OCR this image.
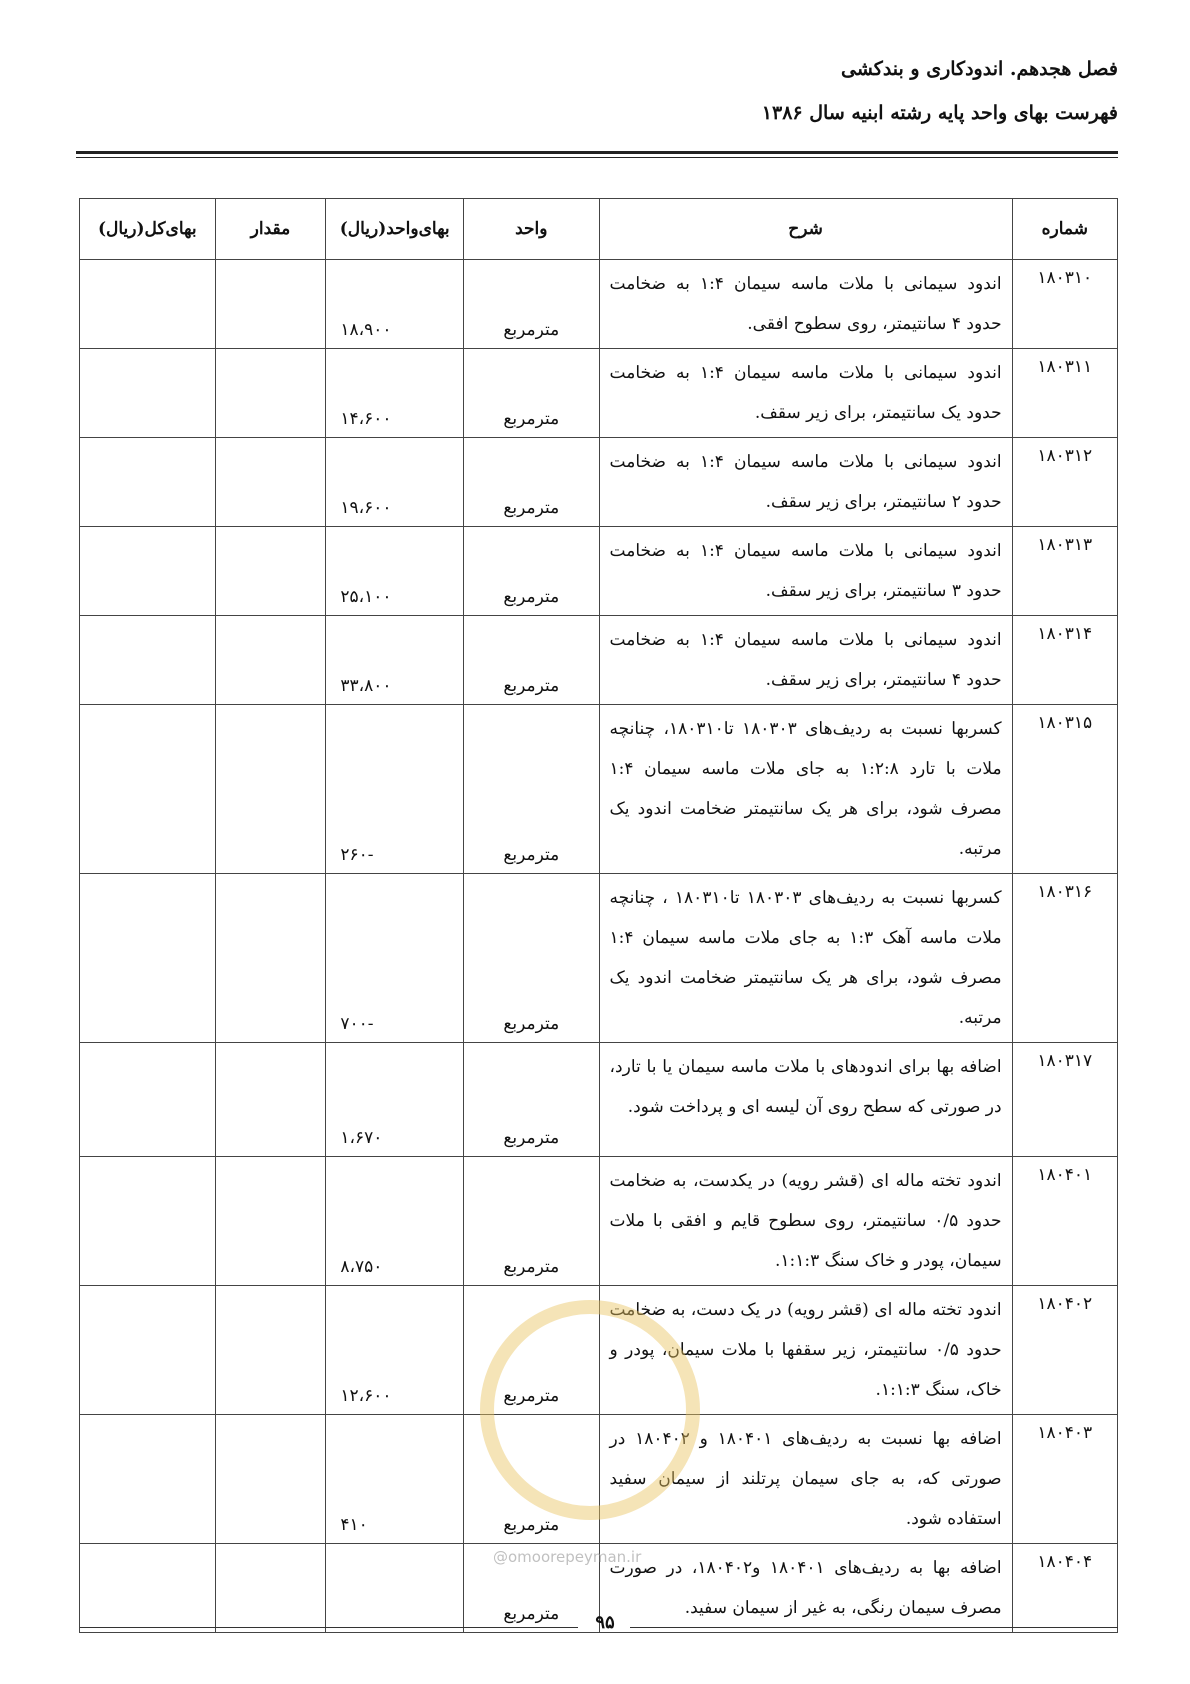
فصل هجدهم. اندودکاری و بندکشی
فهرست بهای واحد پایه رشته ابنیه سال ۱۳۸۶
شماره	شرح	واحد	بهای‌واحد(ریال)	مقدار	بهای‌کل(ریال)
۱۸۰۳۱۰	اندود سیمانی با ملات ماسه سیمان ۱:۴ به ضخامت حدود ۴ سانتیمتر، روی سطوح افقی.	مترمربع	۱۸،۹۰۰		
۱۸۰۳۱۱	اندود سیمانی با ملات ماسه سیمان ۱:۴ به ضخامت حدود یک سانتیمتر، برای زیر سقف.	مترمربع	۱۴،۶۰۰		
۱۸۰۳۱۲	اندود سیمانی با ملات ماسه سیمان ۱:۴ به ضخامت حدود ۲ سانتیمتر، برای زیر سقف.	مترمربع	۱۹،۶۰۰		
۱۸۰۳۱۳	اندود سیمانی با ملات ماسه سیمان ۱:۴ به ضخامت حدود ۳ سانتیمتر، برای زیر سقف.	مترمربع	۲۵،۱۰۰		
۱۸۰۳۱۴	اندود سیمانی با ملات ماسه سیمان ۱:۴ به ضخامت حدود ۴ سانتیمتر، برای زیر سقف.	مترمربع	۳۳،۸۰۰		
۱۸۰۳۱۵	کسربها نسبت به ردیف‌های ۱۸۰۳۰۳ تا۱۸۰۳۱۰، چنانچه ملات با تارد ۱:۲:۸ به جای ملات ماسه سیمان ۱:۴ مصرف شود، برای هر یک سانتیمتر ضخامت اندود یک مرتبه.	مترمربع	-۲۶۰		
۱۸۰۳۱۶	کسربها نسبت به ردیف‌های ۱۸۰۳۰۳ تا۱۸۰۳۱۰ ، چنانچه ملات ماسه آهک ۱:۳ به جای ملات ماسه سیمان ۱:۴ مصرف شود، برای هر یک سانتیمتر ضخامت اندود یک مرتبه.	مترمربع	-۷۰۰		
۱۸۰۳۱۷	اضافه بها برای اندودهای با ملات ماسه سیمان یا با تارد، در صورتی که سطح روی آن لیسه ای و پرداخت شود.	مترمربع	۱،۶۷۰		
۱۸۰۴۰۱	اندود تخته ماله ای (قشر رویه) در یکدست، به ضخامت حدود ۰/۵ سانتیمتر، روی سطوح قایم و افقی با ملات سیمان، پودر و خاک سنگ ۱:۱:۳.	مترمربع	۸،۷۵۰		
۱۸۰۴۰۲	اندود تخته ماله ای (قشر رویه) در یک دست، به ضخامت حدود ۰/۵ سانتیمتر، زیر سقفها با ملات سیمان، پودر و خاک، سنگ ۱:۱:۳.	مترمربع	۱۲،۶۰۰		
۱۸۰۴۰۳	اضافه بها نسبت به ردیف‌های ۱۸۰۴۰۱ و ۱۸۰۴۰۲ در صورتی که، به جای سیمان پرتلند از سیمان سفید استفاده شود.	مترمربع	۴۱۰		
۱۸۰۴۰۴	اضافه بها به ردیف‌های ۱۸۰۴۰۱ و۱۸۰۴۰۲، در صورت مصرف سیمان رنگی، به غیر از سیمان سفید.	مترمربع			
@omoorepeyman.ir
۹۵
